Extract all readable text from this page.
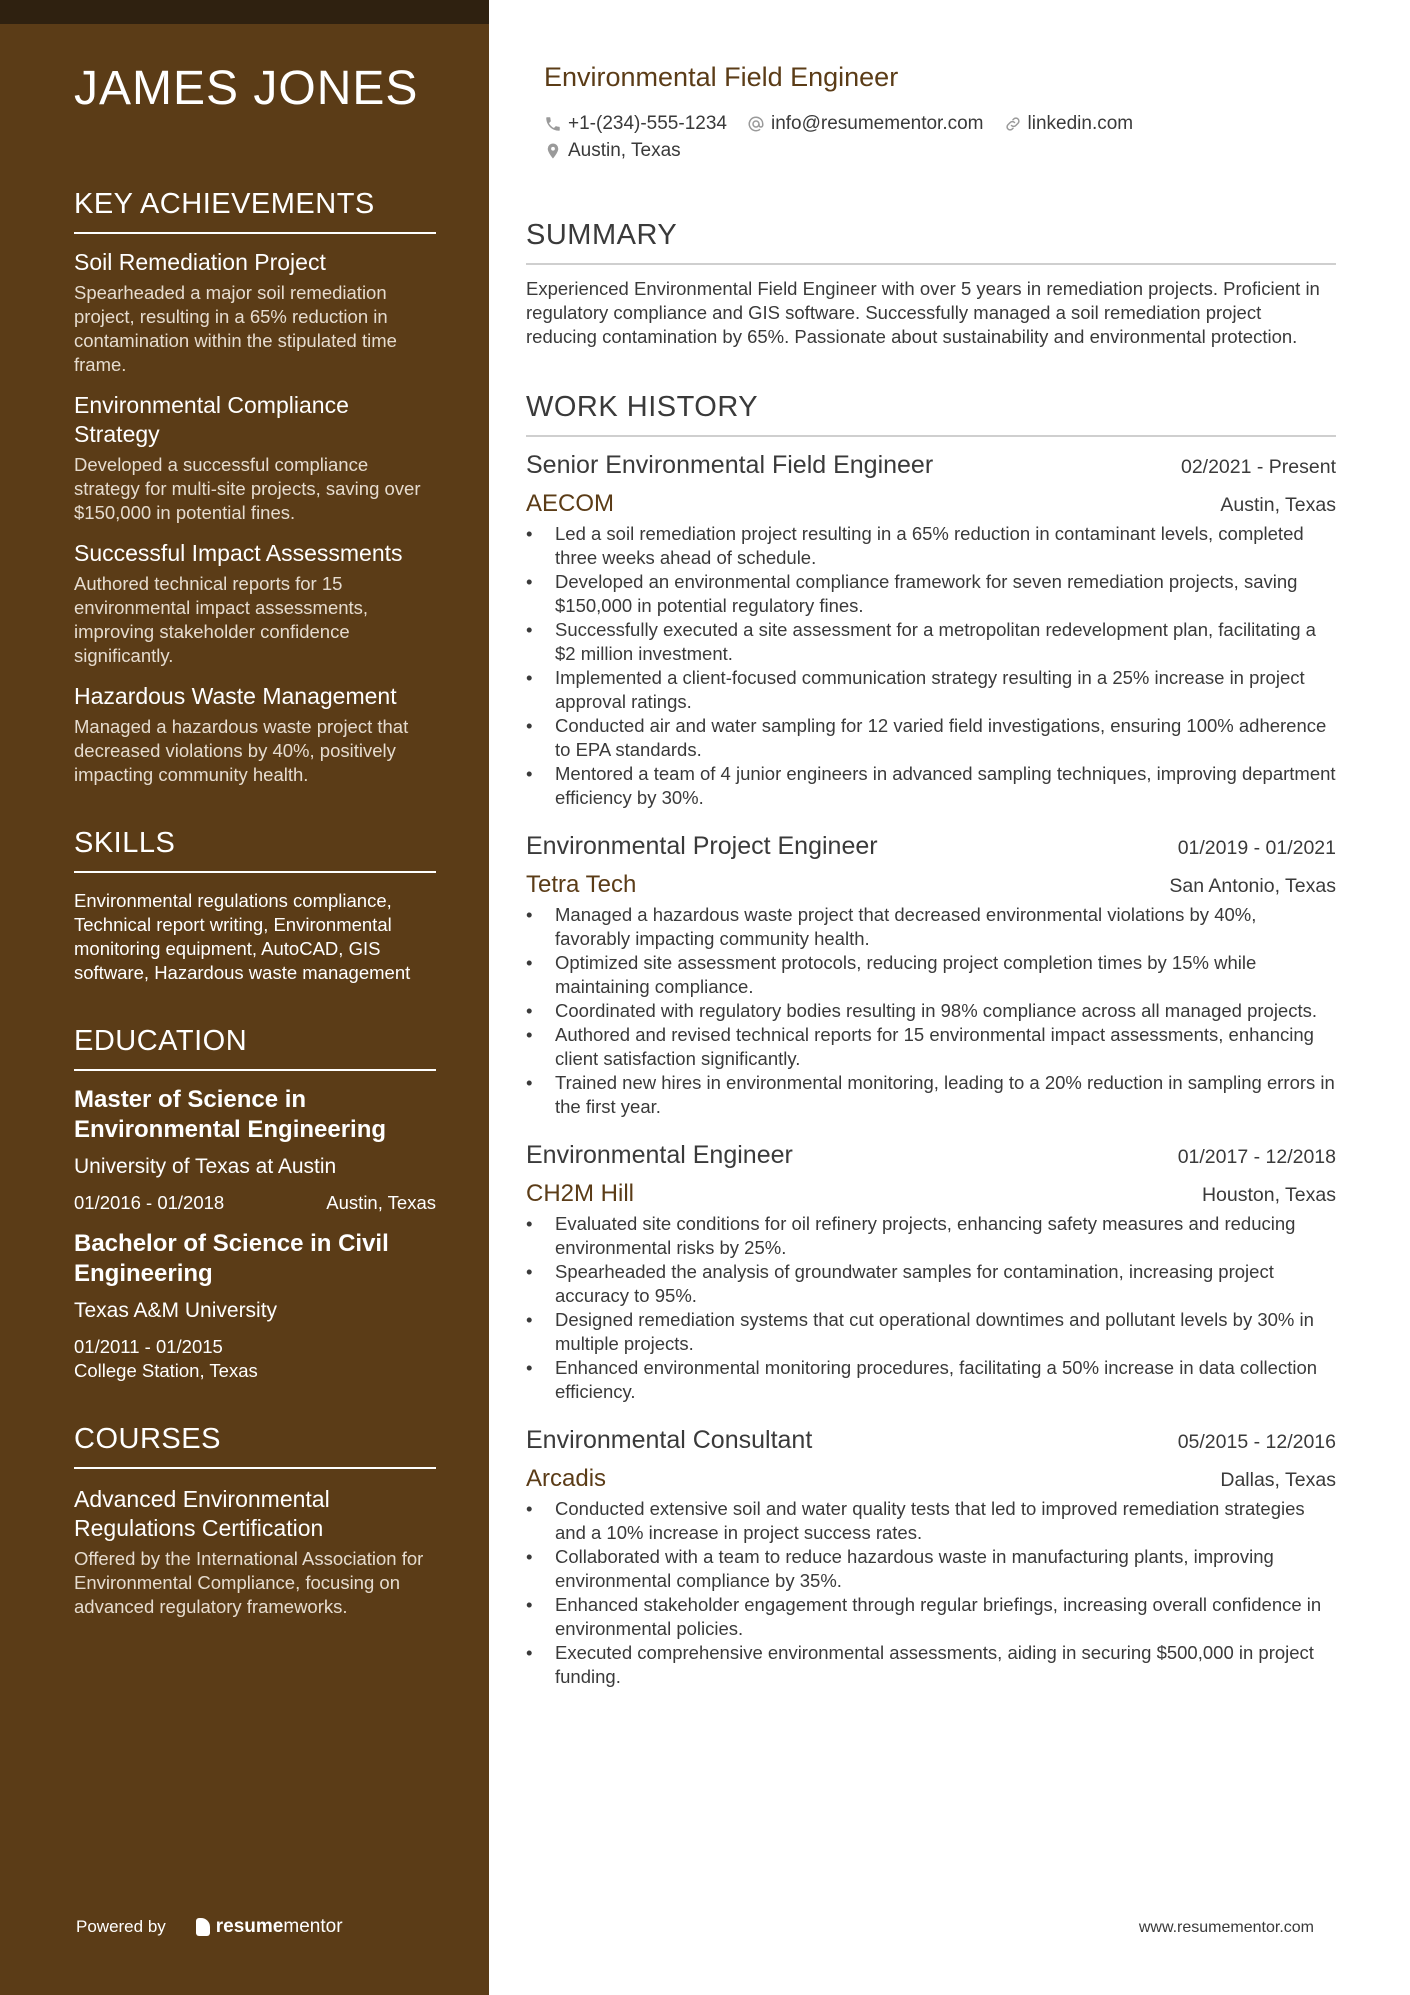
JAMES JONES
KEY ACHIEVEMENTS
Soil Remediation Project
Spearheaded a major soil remediation project, resulting in a 65% reduction in contamination within the stipulated time frame.
Environmental Compliance Strategy
Developed a successful compliance strategy for multi-site projects, saving over $150,000 in potential fines.
Successful Impact Assessments
Authored technical reports for 15 environmental impact assessments, improving stakeholder confidence significantly.
Hazardous Waste Management
Managed a hazardous waste project that decreased violations by 40%, positively impacting community health.
SKILLS
Environmental regulations compliance, Technical report writing, Environmental monitoring equipment, AutoCAD, GIS software, Hazardous waste management
EDUCATION
Master of Science in Environmental Engineering
University of Texas at Austin
01/2016 - 01/2018	Austin, Texas
Bachelor of Science in Civil Engineering
Texas A&M University
01/2011 - 01/2015
College Station, Texas
COURSES
Advanced Environmental Regulations Certification
Offered by the International Association for Environmental Compliance, focusing on advanced regulatory frameworks.
Powered by	resumementor
Environmental Field Engineer
+1-(234)-555-1234 info@resumementor.com linkedin.com
Austin, Texas
SUMMARY
Experienced Environmental Field Engineer with over 5 years in remediation projects. Proficient in regulatory compliance and GIS software. Successfully managed a soil remediation project reducing contamination by 65%. Passionate about sustainability and environmental protection.
WORK HISTORY
Senior Environmental Field Engineer	02/2021 - Present
AECOM	Austin, Texas
• Led a soil remediation project resulting in a 65% reduction in contaminant levels, completed three weeks ahead of schedule.
• Developed an environmental compliance framework for seven remediation projects, saving $150,000 in potential regulatory fines.
• Successfully executed a site assessment for a metropolitan redevelopment plan, facilitating a $2 million investment.
• Implemented a client-focused communication strategy resulting in a 25% increase in project approval ratings.
• Conducted air and water sampling for 12 varied field investigations, ensuring 100% adherence to EPA standards.
• Mentored a team of 4 junior engineers in advanced sampling techniques, improving department efficiency by 30%.
Environmental Project Engineer	01/2019 - 01/2021
Tetra Tech	San Antonio, Texas
• Managed a hazardous waste project that decreased environmental violations by 40%, favorably impacting community health.
• Optimized site assessment protocols, reducing project completion times by 15% while maintaining compliance.
• Coordinated with regulatory bodies resulting in 98% compliance across all managed projects.
• Authored and revised technical reports for 15 environmental impact assessments, enhancing client satisfaction significantly.
• Trained new hires in environmental monitoring, leading to a 20% reduction in sampling errors in the first year.
Environmental Engineer	01/2017 - 12/2018
CH2M Hill	Houston, Texas
• Evaluated site conditions for oil refinery projects, enhancing safety measures and reducing environmental risks by 25%.
• Spearheaded the analysis of groundwater samples for contamination, increasing project accuracy to 95%.
• Designed remediation systems that cut operational downtimes and pollutant levels by 30% in multiple projects.
• Enhanced environmental monitoring procedures, facilitating a 50% increase in data collection efficiency.
Environmental Consultant	05/2015 - 12/2016
Arcadis	Dallas, Texas
• Conducted extensive soil and water quality tests that led to improved remediation strategies and a 10% increase in project success rates.
• Collaborated with a team to reduce hazardous waste in manufacturing plants, improving environmental compliance by 35%.
• Enhanced stakeholder engagement through regular briefings, increasing overall confidence in environmental policies.
• Executed comprehensive environmental assessments, aiding in securing $500,000 in project funding.
www.resumementor.com
